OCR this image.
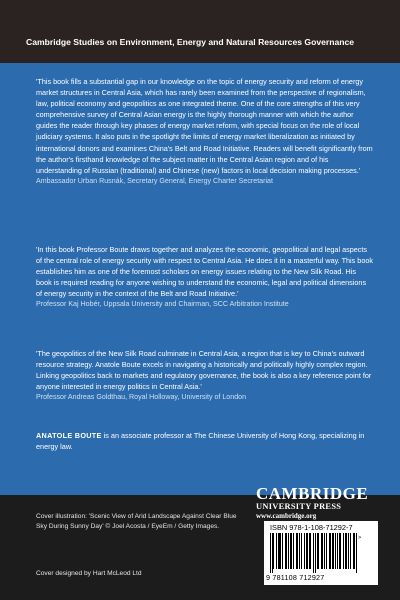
Cambridge Studies on Environment, Energy and Natural Resources Governance

'This book fills a substantial gap in our knowledge on the topic of energy security and reform of energy market structures in Central Asia, which has rarely been examined from the perspective of regionalism, law, political economy and geopolitics as one integrated theme. One of the core strengths of this very comprehensive survey of Central Asian energy is the highly thorough manner with which the author guides the reader through key phases of energy market reform, with special focus on the role of local judiciary systems. It also puts in the spotlight the limits of energy market liberalization as initiated by international donors and examines China's Belt and Road Initiative. Readers will benefit significantly from the author's firsthand knowledge of the subject matter in the Central Asian region and of his understanding of Russian (traditional) and Chinese (new) factors in local decision making processes.'
Ambassador Urban Rusnák, Secretary General, Energy Charter Secretariat

'In this book Professor Boute draws together and analyzes the economic, geopolitical and legal aspects of the central role of energy security with respect to Central Asia. He does it in a masterful way. This book establishes him as one of the foremost scholars on energy issues relating to the New Silk Road. His book is required reading for anyone wishing to understand the economic, legal and political dimensions of energy security in the context of the Belt and Road Initiative.'
Professor Kaj Hobér, Uppsala University and Chairman, SCC Arbitration Institute

'The geopolitics of the New Silk Road culminate in Central Asia, a region that is key to China's outward resource strategy. Anatole Boute excels in navigating a historically and politically highly complex region. Linking geopolitics back to markets and regulatory governance, the book is also a key reference point for anyone interested in energy politics in Central Asia.'
Professor Andreas Goldthau, Royal Holloway, University of London

ANATOLE BOUTE is an associate professor at The Chinese University of Hong Kong, specializing in energy law.

Cover illustration: 'Scenic View of Arid Landscape Against Clear Blue Sky During Sunny Day' © Joel Acosta / EyeEm / Getty Images.
Cover designed by Hart McLeod Ltd
CAMBRIDGE
UNIVERSITY PRESS
www.cambridge.org
ISBN 978-1-108-71292-7
>
9 781108 712927
